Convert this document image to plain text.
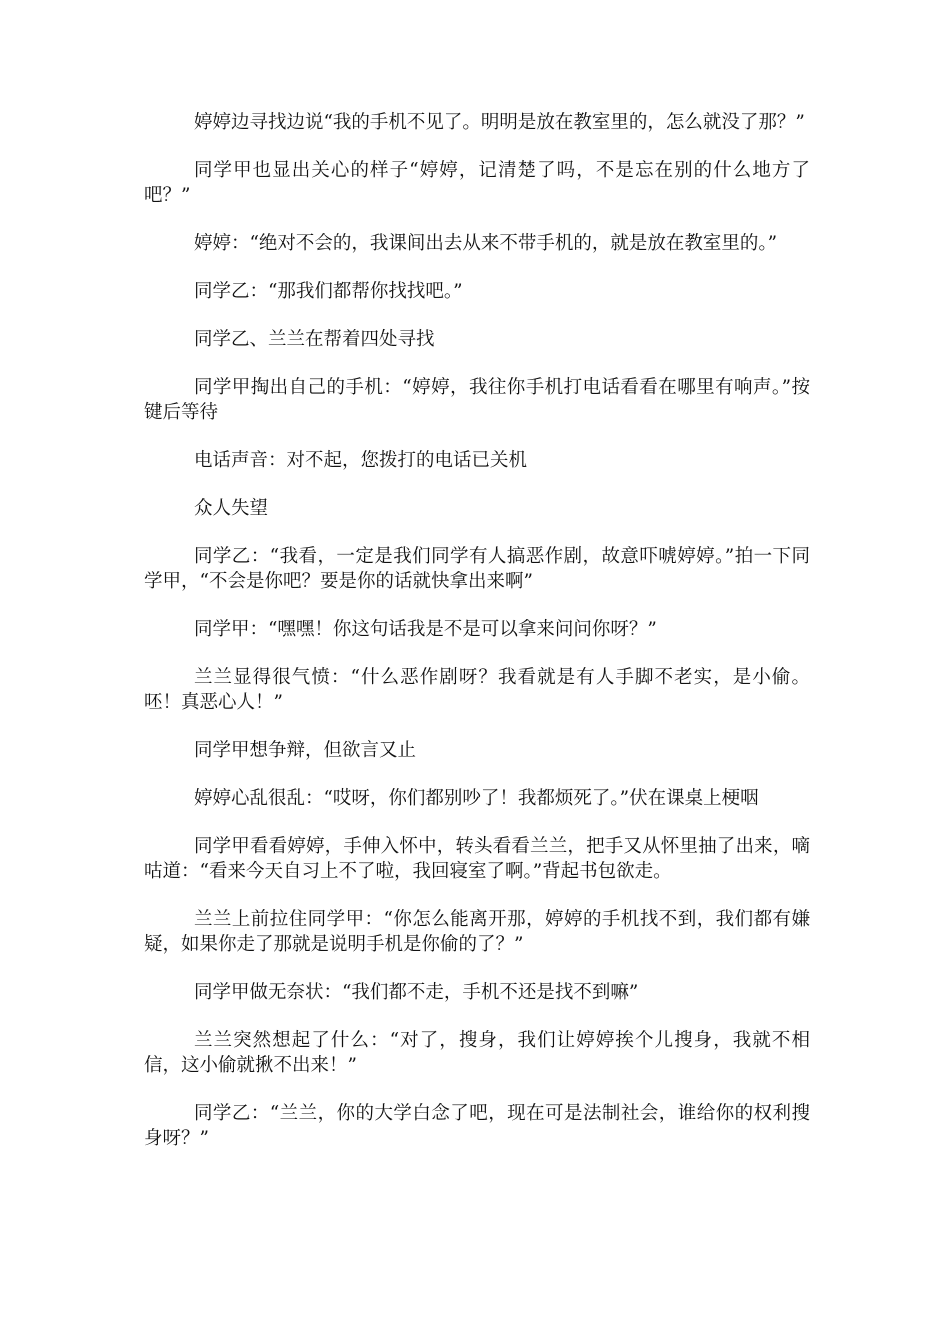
婷婷边寻找边说“我的手机不见了。明明是放在教室里的，怎么就没了那？”

同学甲也显出关心的样子“婷婷，记清楚了吗，不是忘在别的什么地方了吧？”

婷婷：“绝对不会的，我课间出去从来不带手机的，就是放在教室里的。”

同学乙：“那我们都帮你找找吧。”

同学乙、兰兰在帮着四处寻找

同学甲掏出自己的手机：“婷婷，我往你手机打电话看看在哪里有响声。”按键后等待

电话声音：对不起，您拨打的电话已关机

众人失望

同学乙：“我看，一定是我们同学有人搞恶作剧，故意吓唬婷婷。”拍一下同学甲，“不会是你吧？要是你的话就快拿出来啊”

同学甲：“嘿嘿！你这句话我是不是可以拿来问问你呀？”

兰兰显得很气愤：“什么恶作剧呀？我看就是有人手脚不老实，是小偷。呸！真恶心人！”

同学甲想争辩，但欲言又止

婷婷心乱很乱：“哎呀，你们都别吵了！我都烦死了。”伏在课桌上梗咽

同学甲看看婷婷，手伸入怀中，转头看看兰兰，把手又从怀里抽了出来，嘀咕道：“看来今天自习上不了啦，我回寝室了啊。”背起书包欲走。

兰兰上前拉住同学甲：“你怎么能离开那，婷婷的手机找不到，我们都有嫌疑，如果你走了那就是说明手机是你偷的了？”

同学甲做无奈状：“我们都不走，手机不还是找不到嘛”

兰兰突然想起了什么：“对了，搜身，我们让婷婷挨个儿搜身，我就不相信，这小偷就揪不出来！”

同学乙：“兰兰，你的大学白念了吧，现在可是法制社会，谁给你的权利搜身呀？”
